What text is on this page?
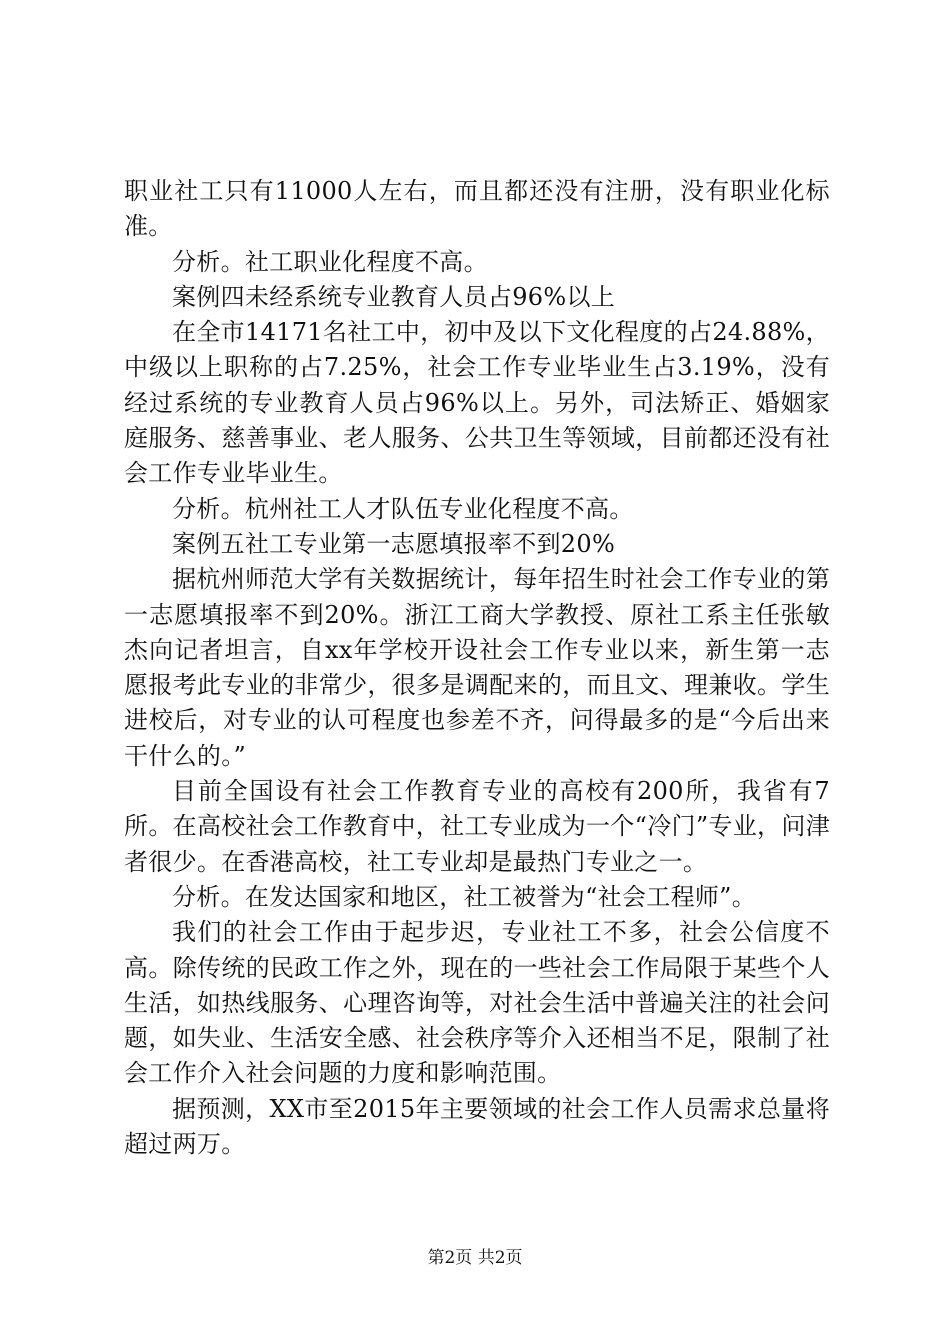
职业社工只有11000人左右，而且都还没有注册，没有职业化标准。

分析。社工职业化程度不高。

案例四未经系统专业教育人员占96%以上

在全市14171名社工中，初中及以下文化程度的占24.88%，中级以上职称的占7.25%，社会工作专业毕业生占3.19%，没有经过系统的专业教育人员占96%以上。另外，司法矫正、婚姻家庭服务、慈善事业、老人服务、公共卫生等领域，目前都还没有社会工作专业毕业生。

分析。杭州社工人才队伍专业化程度不高。

案例五社工专业第一志愿填报率不到20%

据杭州师范大学有关数据统计，每年招生时社会工作专业的第一志愿填报率不到20%。浙江工商大学教授、原社工系主任张敏杰向记者坦言，自xx年学校开设社会工作专业以来，新生第一志愿报考此专业的非常少，很多是调配来的，而且文、理兼收。学生进校后，对专业的认可程度也参差不齐，问得最多的是“今后出来干什么的。”

目前全国设有社会工作教育专业的高校有200所，我省有7所。在高校社会工作教育中，社工专业成为一个“冷门”专业，问津者很少。在香港高校，社工专业却是最热门专业之一。

分析。在发达国家和地区，社工被誉为“社会工程师”。

我们的社会工作由于起步迟，专业社工不多，社会公信度不高。除传统的民政工作之外，现在的一些社会工作局限于某些个人生活，如热线服务、心理咨询等，对社会生活中普遍关注的社会问题，如失业、生活安全感、社会秩序等介入还相当不足，限制了社会工作介入社会问题的力度和影响范围。

据预测，XX市至2015年主要领域的社会工作人员需求总量将超过两万。

第2页 共2页
